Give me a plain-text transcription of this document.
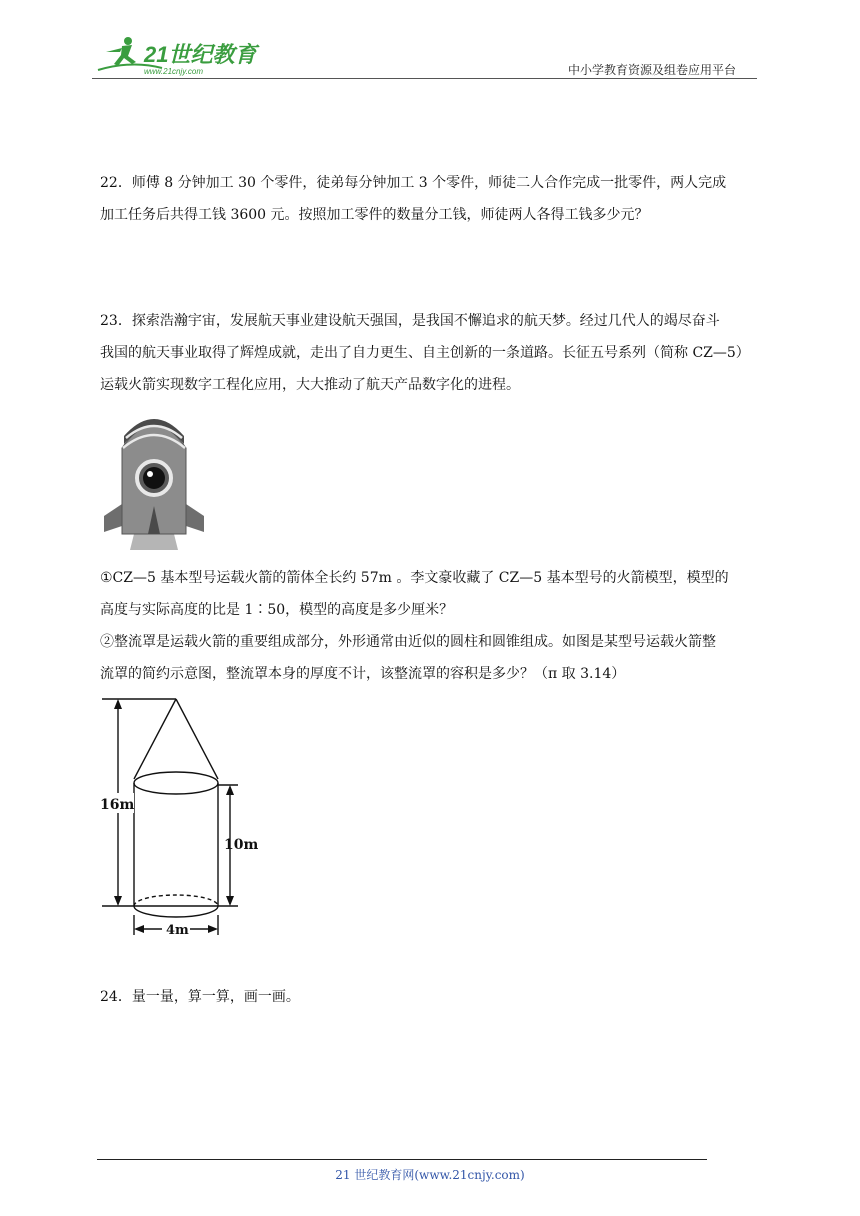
21世纪教育
www.21cnjy.com	中小学教育资源及组卷应用平台
22．师傅 8 分钟加工 30 个零件，徒弟每分钟加工 3 个零件，师徒二人合作完成一批零件，两人完成
加工任务后共得工钱 3600 元。按照加工零件的数量分工钱，师徒两人各得工钱多少元？
23．探索浩瀚宇宙，发展航天事业建设航天强国，是我国不懈追求的航天梦。经过几代人的竭尽奋斗
我国的航天事业取得了辉煌成就，走出了自力更生、自主创新的一条道路。长征五号系列（简称 CZ—5）
运载火箭实现数字工程化应用，大大推动了航天产品数字化的进程。
①CZ—5 基本型号运载火箭的箭体全长约 57m 。李文豪收藏了 CZ—5 基本型号的火箭模型，模型的
高度与实际高度的比是 1∶50，模型的高度是多少厘米？
②整流罩是运载火箭的重要组成部分，外形通常由近似的圆柱和圆锥组成。如图是某型号运载火箭整
流罩的简约示意图，整流罩本身的厚度不计，该整流罩的容积是多少？（π 取 3.14）
16m
10m
4m
24．量一量，算一算，画一画。
21 世纪教育网(www.21cnjy.com)
